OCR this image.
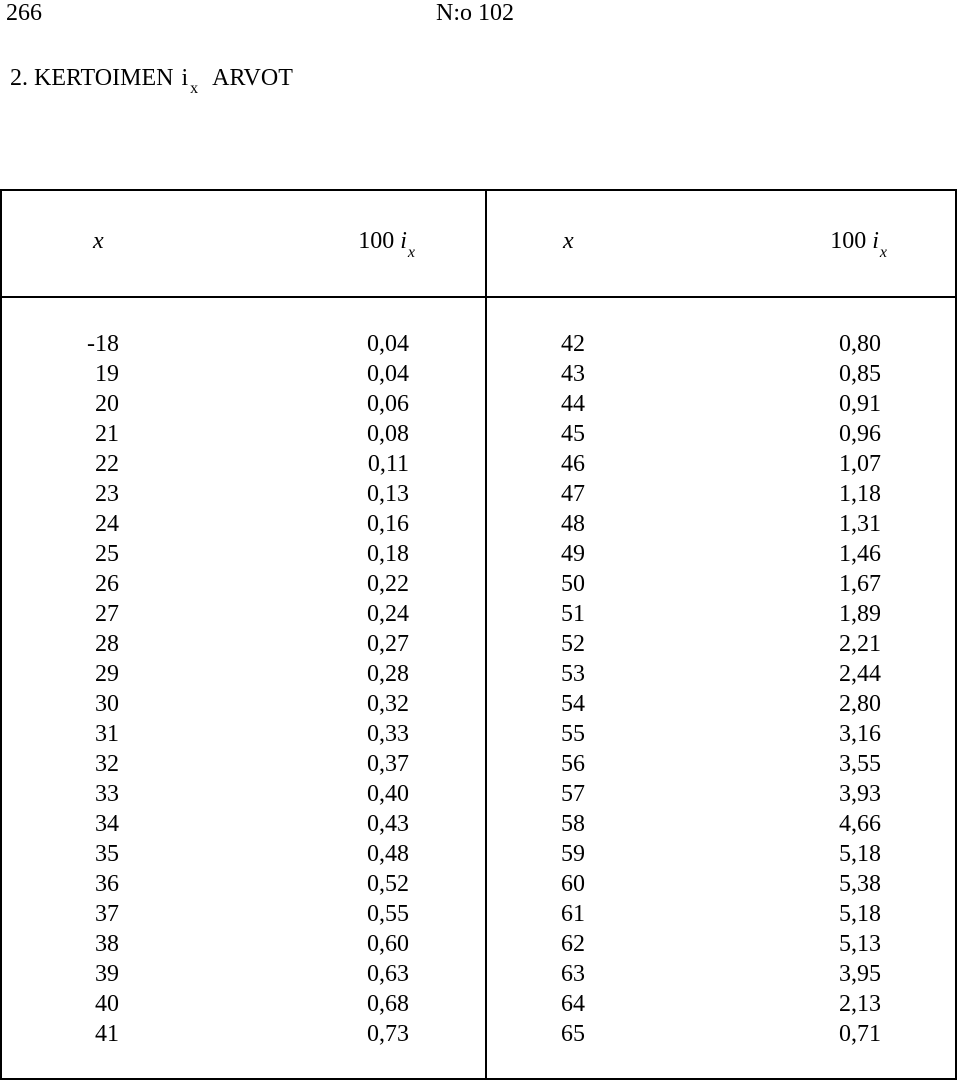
266	N:o 102
2. KERTOIMEN i $_x$ ARVOT
x	100 $i_x$	x	100 $i_x$
-18	0,04	42	0,80
19	0,04	43	0,85
20	0,06	44	0,91
21	0,08	45	0,96
22	0,11	46	1,07
23	0,13	47	1,18
24	0,16	48	1,31
25	0,18	49	1,46
26	0,22	50	1,67
27	0,24	51	1,89
28	0,27	52	2,21
29	0,28	53	2,44
30	0,32	54	2,80
31	0,33	55	3,16
32	0,37	56	3,55
33	0,40	57	3,93
34	0,43	58	4,66
35	0,48	59	5,18
36	0,52	60	5,38
37	0,55	61	5,18
38	0,60	62	5,13
39	0,63	63	3,95
40	0,68	64	2,13
41	0,73	65	0,71
